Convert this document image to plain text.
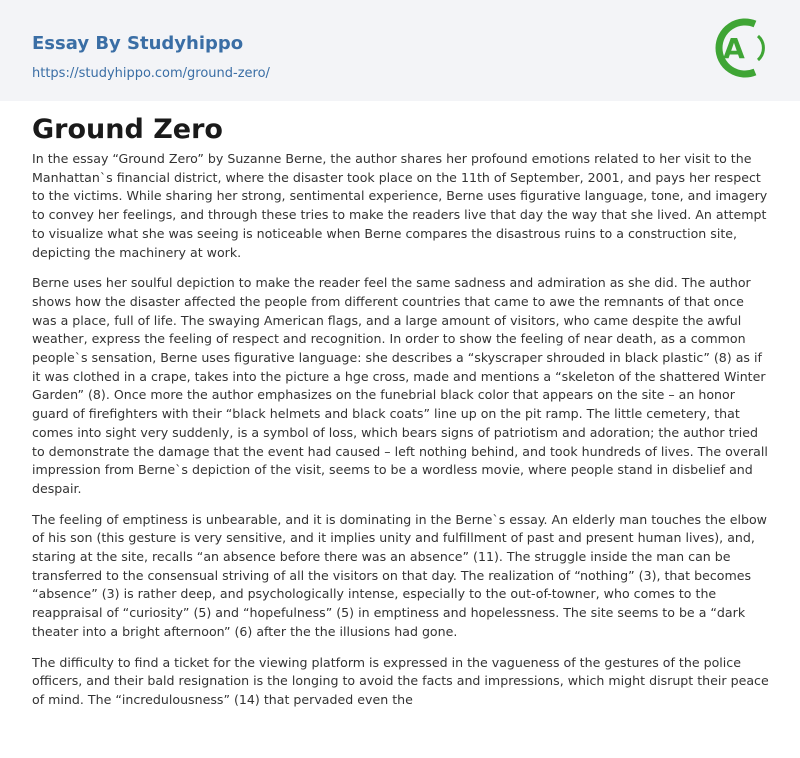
Essay By Studyhippo
https://studyhippo.com/ground-zero/
A
Ground Zero

In the essay “Ground Zero” by Suzanne Berne, the author shares her profound emotions related to her visit to the Manhattan`s financial district, where the disaster took place on the 11th of September, 2001, and pays her respect to the victims. While sharing her strong, sentimental experience, Berne uses figurative language, tone, and imagery to convey her feelings, and through these tries to make the readers live that day the way that she lived. An attempt to visualize what she was seeing is noticeable when Berne compares the disastrous ruins to a construction site, depicting the machinery at work.

Berne uses her soulful depiction to make the reader feel the same sadness and admiration as she did. The author shows how the disaster affected the people from different countries that came to awe the remnants of that once was a place, full of life. The swaying American flags, and a large amount of visitors, who came despite the awful weather, express the feeling of respect and recognition. In order to show the feeling of near death, as a common people`s sensation, Berne uses figurative language: she describes a “skyscraper shrouded in black plastic” (8) as if it was clothed in a crape, takes into the picture a hge cross, made and mentions a “skeleton of the shattered Winter Garden” (8). Once more the author emphasizes on the funebrial black color that appears on the site – an honor guard of firefighters with their “black helmets and black coats” line up on the pit ramp. The little cemetery, that comes into sight very suddenly, is a symbol of loss, which bears signs of patriotism and adoration; the author tried to demonstrate the damage that the event had caused – left nothing behind, and took hundreds of lives. The overall impression from Berne`s depiction of the visit, seems to be a wordless movie, where people stand in disbelief and despair.

The feeling of emptiness is unbearable, and it is dominating in the Berne`s essay. An elderly man touches the elbow of his son (this gesture is very sensitive, and it implies unity and fulfillment of past and present human lives), and, staring at the site, recalls “an absence before there was an absence” (11). The struggle inside the man can be transferred to the consensual striving of all the visitors on that day. The realization of “nothing” (3), that becomes “absence” (3) is rather deep, and psychologically intense, especially to the out-of-towner, who comes to the reappraisal of “curiosity” (5) and “hopefulness” (5) in emptiness and hopelessness. The site seems to be a “dark theater into a bright afternoon” (6) after the the illusions had gone.

The difficulty to find a ticket for the viewing platform is expressed in the vagueness of the gestures of the police officers, and their bald resignation is the longing to avoid the facts and impressions, which might disrupt their peace of mind. The “incredulousness” (14) that pervaded even the
